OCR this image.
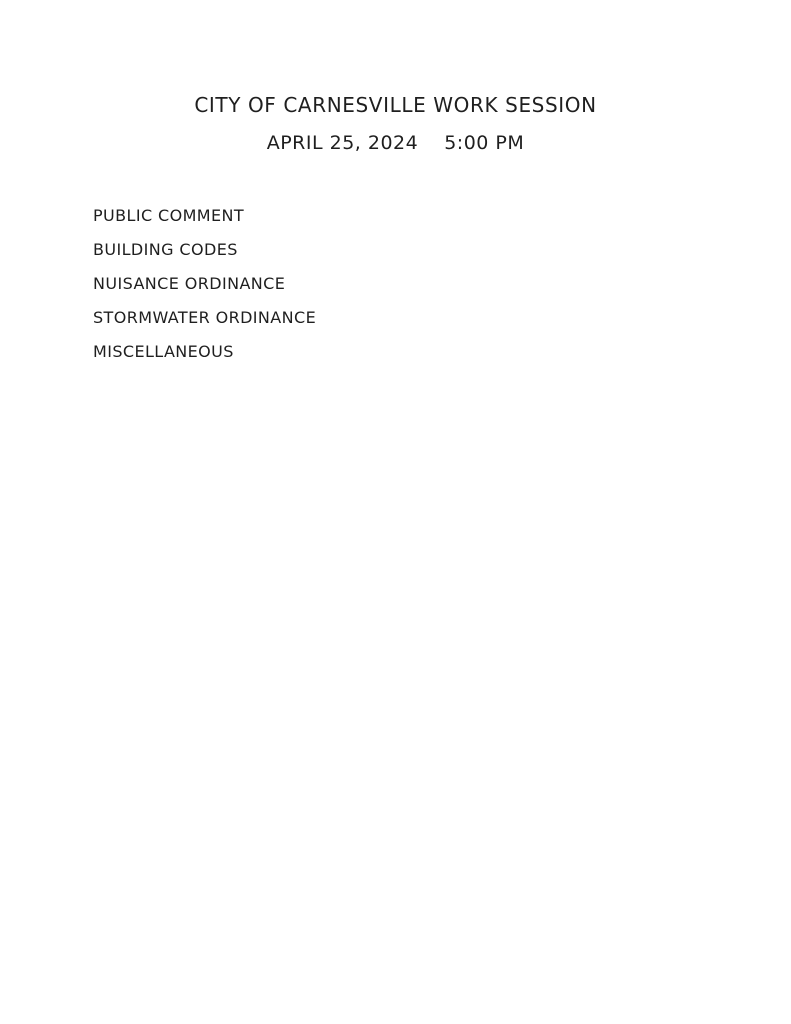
CITY OF CARNESVILLE WORK SESSION

APRIL 25, 2024 5:00 PM

PUBLIC COMMENT
BUILDING CODES
NUISANCE ORDINANCE
STORMWATER ORDINANCE
MISCELLANEOUS
